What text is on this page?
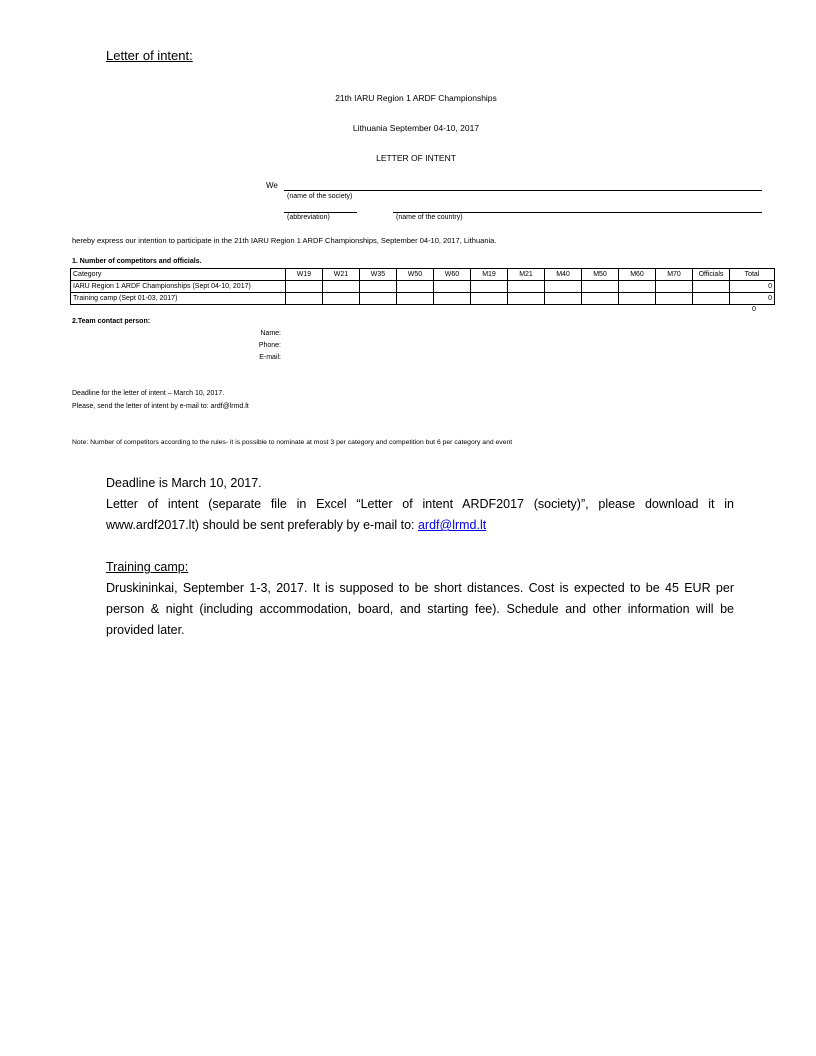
Letter of intent:
21th IARU Region 1 ARDF Championships
Lithuania September 04-10, 2017
LETTER OF INTENT
We
(name of the society)
(abbreviation)	(name of the country)
hereby express our intention to participate in the 21th IARU Region 1 ARDF Championships, September 04-10, 2017, Lithuania.
1. Number of competitors and officials.
Category	W19	W21	W35	W50	W60	M19	M21	M40	M50	M60	M70	Officials	Total
IARU Region 1 ARDF Championships (Sept 04-10, 2017)													0
Training camp (Sept 01-03, 2017)													0
0
2.Team contact person:
Name:
Phone:
E-mail:
Deadline for the letter of intent – March 10, 2017.
Please, send the letter of intent by e-mail to: ardf@lrmd.lt
Note: Number of competitors according to the rules- it is possible to nominate at most 3 per category and competition but 6 per category and event
Deadline is March 10, 2017.
Letter of intent (separate file in Excel “Letter of intent ARDF2017 (society)”, please download it in www.ardf2017.lt) should be sent preferably by e-mail to: ardf@lrmd.lt
Training camp:
Druskininkai, September 1-3, 2017. It is supposed to be short distances. Cost is expected to be 45 EUR per person & night (including accommodation, board, and starting fee). Schedule and other information will be provided later.
